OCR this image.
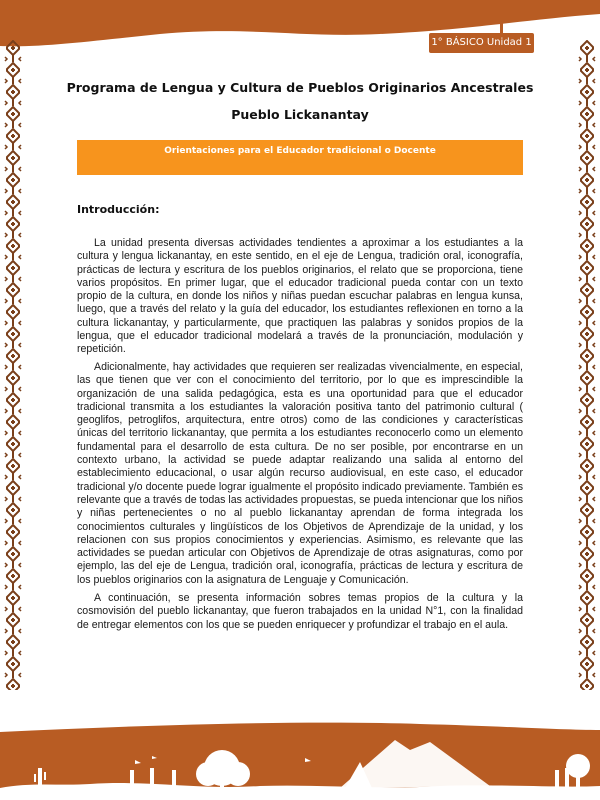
1° BÁSICO Unidad 1
Programa de Lengua y Cultura de Pueblos Originarios Ancestrales
Pueblo Lickanantay
Orientaciones para el Educador tradicional o Docente
Introducción:

La unidad presenta diversas actividades tendientes a aproximar a los estudiantes a la cultura y lengua lickanantay, en este sentido, en el eje de Lengua, tradición oral, iconografía, prácticas de lectura y escritura de los pueblos originarios, el relato que se proporciona, tiene varios propósitos. En primer lugar, que el educador tradicional pueda contar con un texto propio de la cultura, en donde los niños y niñas puedan escuchar palabras en lengua kunsa, luego, que a través del relato y la guía del educador, los estudiantes reflexionen en torno a la cultura lickanantay, y particularmente, que practiquen las palabras y sonidos propios de la lengua, que el educador tradicional modelará a través de la pronunciación, modulación y repetición.

Adicionalmente, hay actividades que requieren ser realizadas vivencialmente, en especial, las que tienen que ver con el conocimiento del territorio, por lo que es imprescindible la organización de una salida pedagógica, esta es una oportunidad para que el educador tradicional transmita a los estudiantes la valoración positiva tanto del patrimonio cultural ( geoglifos, petroglifos, arquitectura, entre otros) como de las condiciones y características únicas del territorio lickanantay, que permita a los estudiantes reconocerlo como un elemento fundamental para el desarrollo de esta cultura. De no ser posible, por encontrarse en un contexto urbano, la actividad se puede adaptar realizando una salida al entorno del establecimiento educacional, o usar algún recurso audiovisual, en este caso, el educador tradicional y/o docente puede lograr igualmente el propósito indicado previamente. También es relevante que a través de todas las actividades propuestas, se pueda intencionar que los niños y niñas pertenecientes o no al pueblo lickanantay aprendan de forma integrada los conocimientos culturales y lingüísticos de los Objetivos de Aprendizaje de la unidad, y los relacionen con sus propios conocimientos y experiencias. Asimismo, es relevante que las actividades se puedan articular con Objetivos de Aprendizaje de otras asignaturas, como por ejemplo, las del eje de Lengua, tradición oral, iconografía, prácticas de lectura y escritura de los pueblos originarios con la asignatura de Lenguaje y Comunicación.

A continuación, se presenta información sobres temas propios de la cultura y la cosmovisión del pueblo lickanantay, que fueron trabajados en la unidad N°1, con la finalidad de entregar elementos con los que se pueden enriquecer y profundizar el trabajo en el aula.
